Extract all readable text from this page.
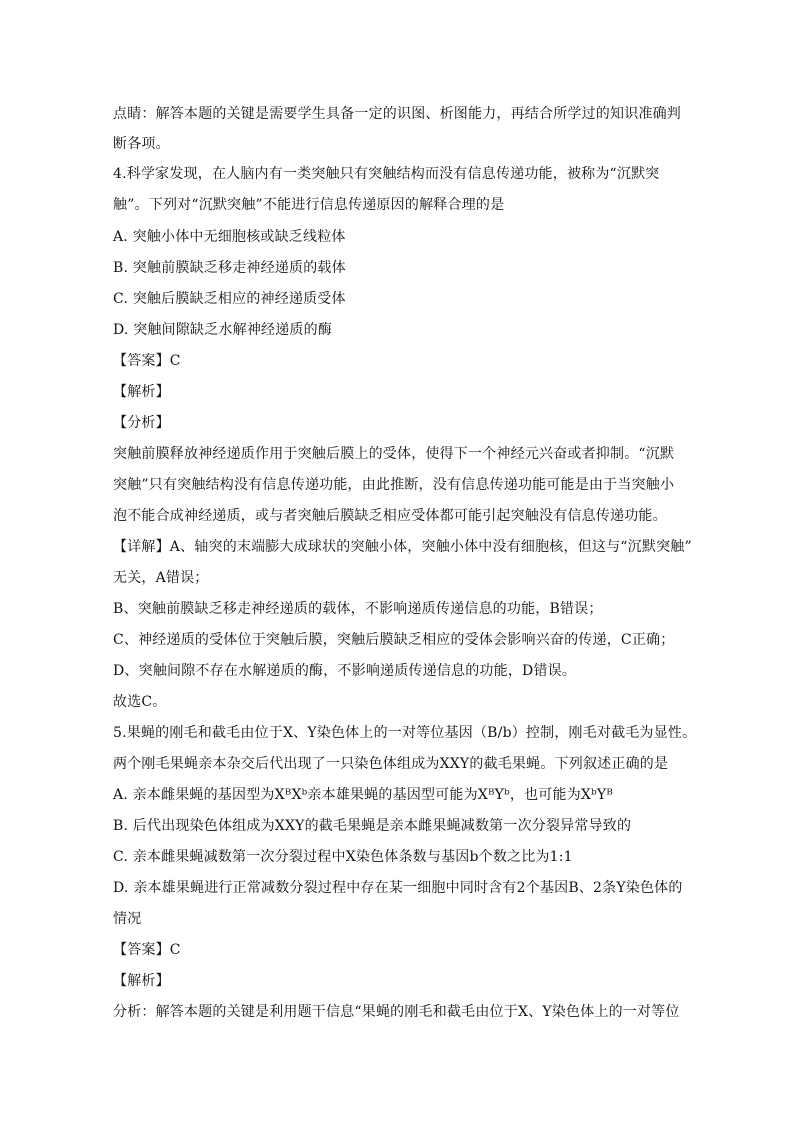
点睛：解答本题的关键是需要学生具备一定的识图、析图能力，再结合所学过的知识准确判
断各项。
4.科学家发现，在人脑内有一类突触只有突触结构而没有信息传递功能，被称为“沉默突
触”。下列对“沉默突触”不能进行信息传递原因的解释合理的是
A. 突触小体中无细胞核或缺乏线粒体
B. 突触前膜缺乏移走神经递质的载体
C. 突触后膜缺乏相应的神经递质受体
D. 突触间隙缺乏水解神经递质的酶
【答案】C
【解析】
【分析】
突触前膜释放神经递质作用于突触后膜上的受体，使得下一个神经元兴奋或者抑制。“沉默
突触”只有突触结构没有信息传递功能，由此推断，没有信息传递功能可能是由于当突触小
泡不能合成神经递质，或与者突触后膜缺乏相应受体都可能引起突触没有信息传递功能。
【详解】A、轴突的末端膨大成球状的突触小体，突触小体中没有细胞核，但这与“沉默突触”
无关，A错误；
B、突触前膜缺乏移走神经递质的载体，不影响递质传递信息的功能，B错误；
C、神经递质的受体位于突触后膜，突触后膜缺乏相应的受体会影响兴奋的传递，C正确；
D、突触间隙不存在水解递质的酶，不影响递质传递信息的功能，D错误。
故选C。
5.果蝇的刚毛和截毛由位于X、Y染色体上的一对等位基因（B/b）控制，刚毛对截毛为显性。
两个刚毛果蝇亲本杂交后代出现了一只染色体组成为XXY的截毛果蝇。下列叙述正确的是
A. 亲本雌果蝇的基因型为XᴮXᵇ亲本雄果蝇的基因型可能为XᴮYᵇ，也可能为XᵇYᴮ
B. 后代出现染色体组成为XXY的截毛果蝇是亲本雌果蝇减数第一次分裂异常导致的
C. 亲本雌果蝇减数第一次分裂过程中X染色体条数与基因b个数之比为1:1
D. 亲本雄果蝇进行正常减数分裂过程中存在某一细胞中同时含有2个基因B、2条Y染色体的
情况
【答案】C
【解析】
分析：解答本题的关键是利用题干信息“果蝇的刚毛和截毛由位于X、Y染色体上的一对等位
